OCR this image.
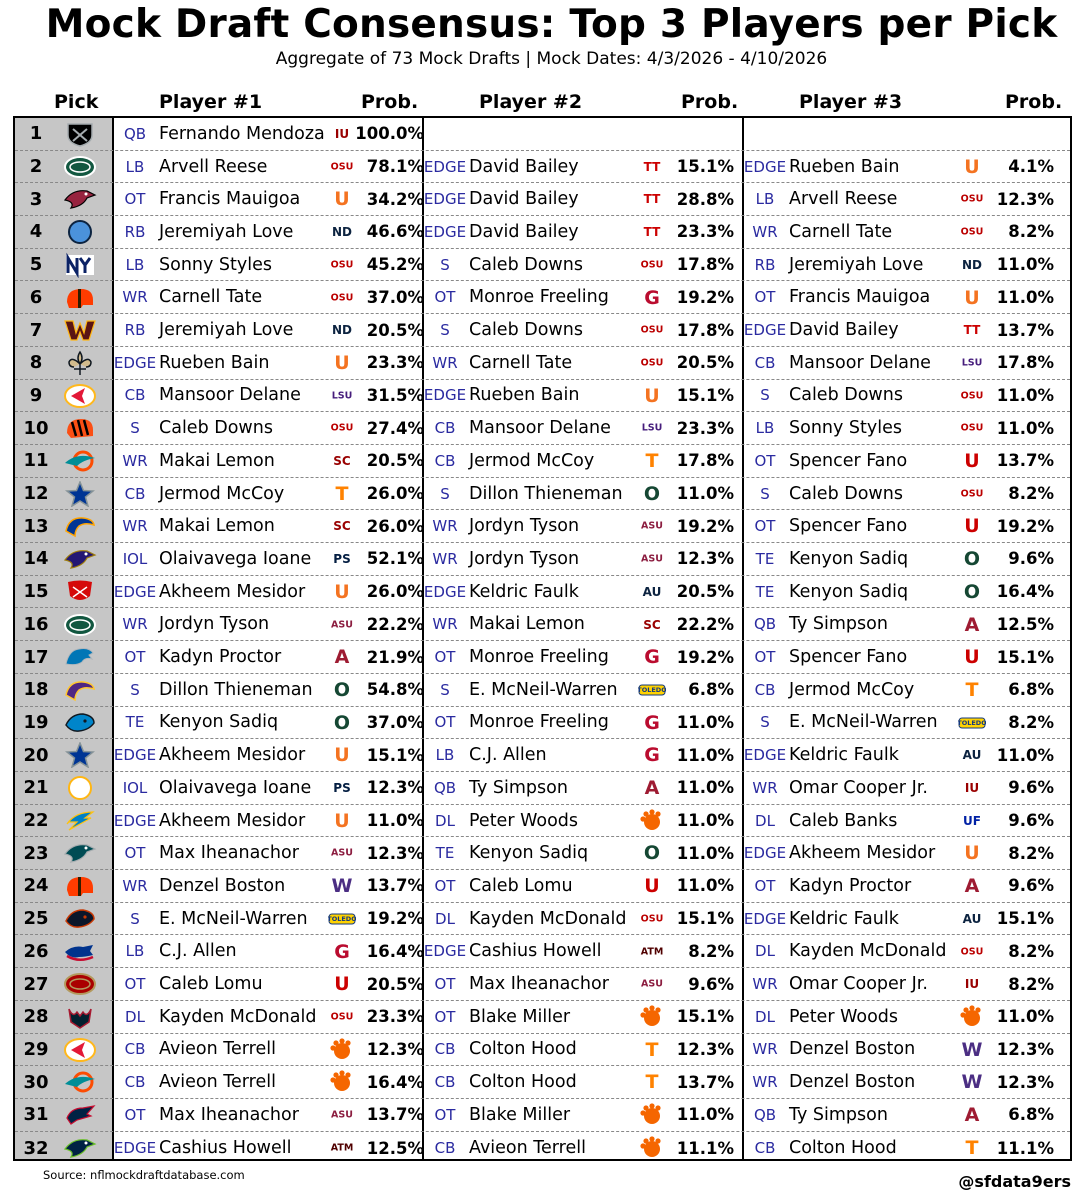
Mock Draft Consensus: Top 3 Players per Pick
Aggregate of 73 Mock Drafts | Mock Dates: 4/3/2026 - 4/10/2026
Pick	Player #1	Prob.	Player #2	Prob.	Player #3	Prob.
1	QB Fernando Mendoza IU 100.0%
2	LB Arvell Reese	OSU 78.1% EDGE David Bailey	TT 15.1% EDGE Rueben Bain	U	4.1%
3	OT Francis Mauigoa U	34.2% EDGE David Bailey	TT 28.8%	LB Arvell Reese	OSU 12.3%
4	RB Jeremiyah Love	ND 46.6% EDGE David Bailey	TT 23.3%	WR Carnell Tate	OSU	8.2%
5	LB Sonny Styles	OSU 45.2%	S	Caleb Downs	OSU 17.8%	RB Jeremiyah Love	ND 11.0%
6	WR Carnell Tate	OSU 37.0% OT Monroe Freeling G	19.2%	OT Francis Mauigoa U	11.0%
7	RB Jeremiyah Love	ND 20.5%	S	Caleb Downs	OSU 17.8% EDGE David Bailey	TT 13.7%
8	EDGE Rueben Bain	U	23.3% WR Carnell Tate	OSU 20.5%	CB Mansoor Delane	LSU 17.8%
9	CB Mansoor Delane	LSU 31.5% EDGE Rueben Bain	U	15.1%	S	Caleb Downs	OSU 11.0%
10	S	Caleb Downs	OSU 27.4% CB Mansoor Delane	LSU 23.3%	LB Sonny Styles	OSU 11.0%
11	WR Makai Lemon	SC 20.5% CB Jermod McCoy	T	17.8%	OT Spencer Fano	U	13.7%
12	CB Jermod McCoy	T	26.0%	S	Dillon Thieneman O	11.0%	S	Caleb Downs	OSU	8.2%
13	WR Makai Lemon	SC 26.0% WR Jordyn Tyson	ASU 19.2%	OT Spencer Fano	U	19.2%
14	IOL Olaivavega Ioane PS 52.1% WR Jordyn Tyson	ASU 12.3%	TE Kenyon Sadiq	O	9.6%
15	EDGE Akheem Mesidor U	26.0% EDGE Keldric Faulk	AU 20.5%	TE Kenyon Sadiq	O	16.4%
16	WR Jordyn Tyson	ASU 22.2% WR Makai Lemon	SC 22.2%	QB Ty Simpson	A	12.5%
17	OT Kadyn Proctor	A	21.9% OT Monroe Freeling G	19.2%	OT Spencer Fano	U	15.1%
18	S	Dillon Thieneman O	54.8%	S	E. McNeil-Warren	TOLEDO	6.8%	CB Jermod McCoy	T	6.8%
19	TE Kenyon Sadiq	O	37.0% OT Monroe Freeling G	11.0%	S	E. McNeil-Warren	TOLEDO	8.2%
20	EDGE Akheem Mesidor U	15.1% LB C.J. Allen	G	11.0% EDGE Keldric Faulk	AU 11.0%
21	IOL Olaivavega Ioane PS 12.3% QB Ty Simpson	A	11.0%	WR Omar Cooper Jr.	IU	9.6%
22	EDGE Akheem Mesidor U	11.0% DL Peter Woods	11.0%	DL Caleb Banks	UF	9.6%
23	OT Max Iheanachor	ASU 12.3% TE Kenyon Sadiq	O	11.0% EDGE Akheem Mesidor U	8.2%
24	WR Denzel Boston W 13.7% OT Caleb Lomu	U	11.0%	OT Kadyn Proctor	A	9.6%
25	S	E. McNeil-Warren	TOLEDO 19.2% DL Kayden McDonald OSU 15.1% EDGE Keldric Faulk	AU 15.1%
26	LB C.J. Allen	G	16.4% EDGE Cashius Howell	ATM	8.2%	DL Kayden McDonald OSU	8.2%
27	OT Caleb Lomu	U	20.5% OT Max Iheanachor	ASU	9.6%	WR Omar Cooper Jr.	IU	8.2%
28	DL Kayden McDonald OSU 23.3% OT Blake Miller	15.1%	DL Peter Woods	11.0%
29	CB Avieon Terrell	12.3% CB Colton Hood	T	12.3%	WR Denzel Boston W 12.3%
30	CB Avieon Terrell	16.4% CB Colton Hood	T	13.7%	WR Denzel Boston W 12.3%
31	OT Max Iheanachor	ASU 13.7% OT Blake Miller	11.0%	QB Ty Simpson	A	6.8%
32	EDGE Cashius Howell	ATM 12.5% CB Avieon Terrell	11.1%	CB Colton Hood	T	11.1%
Source: nflmockdraftdatabase.com	@sfdata9ers
